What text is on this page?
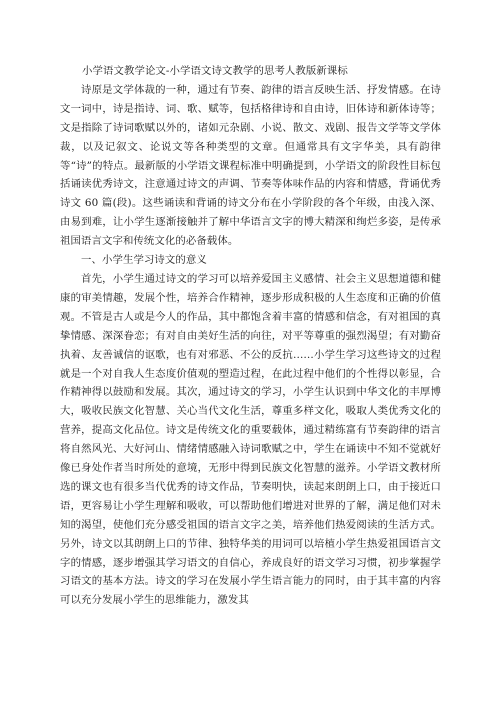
小学语文教学论文-小学语文诗文教学的思考人教版新课标

诗原是文学体裁的一种，通过有节奏、韵律的语言反映生活、抒发情感。在诗文一词中，诗是指诗、词、歌、赋等，包括格律诗和自由诗，旧体诗和新体诗等；文是指除了诗词歌赋以外的，诸如元杂剧、小说、散文、戏剧、报告文学等文学体裁，以及记叙文、论说文等各种类型的文章。但通常具有文字华美，具有韵律等“诗”的特点。最新版的小学语文课程标准中明确提到，小学语文的阶段性目标包括诵读优秀诗文，注意通过诗文的声调、节奏等体味作品的内容和情感，背诵优秀诗文 60 篇(段)。这些诵读和背诵的诗文分布在小学阶段的各个年级，由浅入深、由易到难，让小学生逐渐接触并了解中华语言文字的博大精深和绚烂多姿，是传承祖国语言文字和传统文化的必备载体。

一、小学生学习诗文的意义

首先，小学生通过诗文的学习可以培养爱国主义感情、社会主义思想道德和健康的审美情趣，发展个性，培养合作精神，逐步形成积极的人生态度和正确的价值观。不管是古人或是今人的作品，其中都饱含着丰富的情感和信念，有对祖国的真挚情感、深深眷恋；有对自由美好生活的向往，对平等尊重的强烈渴望；有对勤奋执着、友善诚信的讴歌，也有对邪恶、不公的反抗……小学生学习这些诗文的过程就是一个对自我人生态度价值观的塑造过程，在此过程中他们的个性得以彰显，合作精神得以鼓励和发展。其次，通过诗文的学习，小学生认识到中华文化的丰厚博大，吸收民族文化智慧、关心当代文化生活，尊重多样文化，吸取人类优秀文化的营养，提高文化品位。诗文是传统文化的重要载体，通过精练富有节奏韵律的语言将自然风光、大好河山、情绪情感融入诗词歌赋之中，学生在诵读中不知不觉就好像已身处作者当时所处的意境，无形中得到民族文化智慧的滋养。小学语文教材所选的课文也有很多当代优秀的诗文作品，节奏明快，读起来朗朗上口，由于接近口语，更容易让小学生理解和吸收，可以帮助他们增进对世界的了解，满足他们对未知的渴望，使他们充分感受祖国的语言文字之美，培养他们热爱阅读的生活方式。另外，诗文以其朗朗上口的节律、独特华美的用词可以培植小学生热爱祖国语言文字的情感，逐步增强其学习语文的自信心，养成良好的语文学习习惯，初步掌握学习语文的基本方法。诗文的学习在发展小学生语言能力的同时，由于其丰富的内容可以充分发展小学生的思维能力，激发其
